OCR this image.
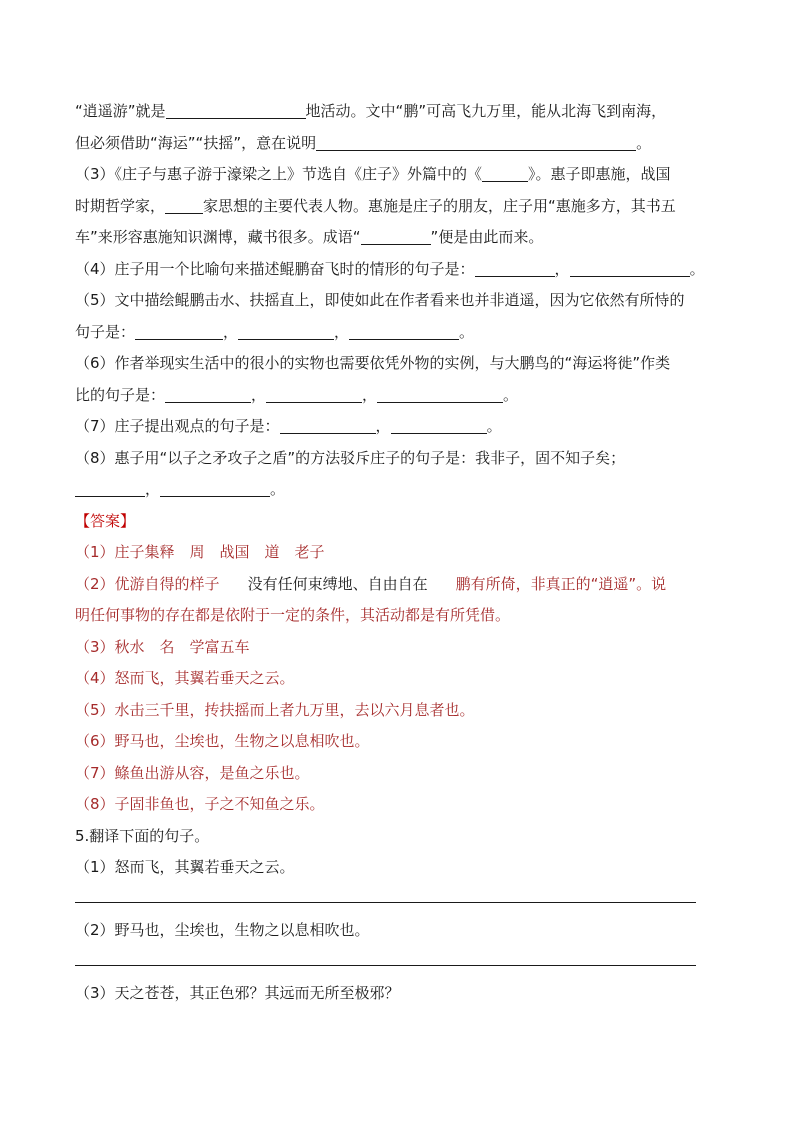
“逍遥游”就是	地活动。文中“鹏”可高飞九万里，能从北海飞到南海，
但必须借助“海运”“扶摇”，意在说明	。
（3）《庄子与惠子游于濠梁之上》节选自《庄子》外篇中的《	》。惠子即惠施，战国
时期哲学家，	家思想的主要代表人物。惠施是庄子的朋友，庄子用“惠施多方，其书五
车”来形容惠施知识渊博，藏书很多。成语“	”便是由此而来。
（4）庄子用一个比喻句来描述鲲鹏奋飞时的情形的句子是：	，	。
（5）文中描绘鲲鹏击水、扶摇直上，即使如此在作者看来也并非逍遥，因为它依然有所恃的
句子是：	，	，	。
（6）作者举现实生活中的很小的实物也需要依凭外物的实例，与大鹏鸟的“海运将徙”作类
比的句子是：	，	，	。
（7）庄子提出观点的句子是：	，	。
（8）惠子用“以子之矛攻子之盾”的方法驳斥庄子的句子是：我非子，固不知子矣；
，	。
【答案】
（1）庄子集释　周　战国　道　老子
（2）优游自得的样子 没有任何束缚地、自由自在 鹏有所倚，非真正的“逍遥”。说
明任何事物的存在都是依附于一定的条件，其活动都是有所凭借。
（3）秋水　名　学富五车
（4）怒而飞，其翼若垂天之云。
（5）水击三千里，抟扶摇而上者九万里，去以六月息者也。
（6）野马也，尘埃也，生物之以息相吹也。
（7）鲦鱼出游从容，是鱼之乐也。
（8）子固非鱼也，子之不知鱼之乐。
5.翻译下面的句子。
（1）怒而飞，其翼若垂天之云。
（2）野马也，尘埃也，生物之以息相吹也。
（3）天之苍苍，其正色邪？其远而无所至极邪？
